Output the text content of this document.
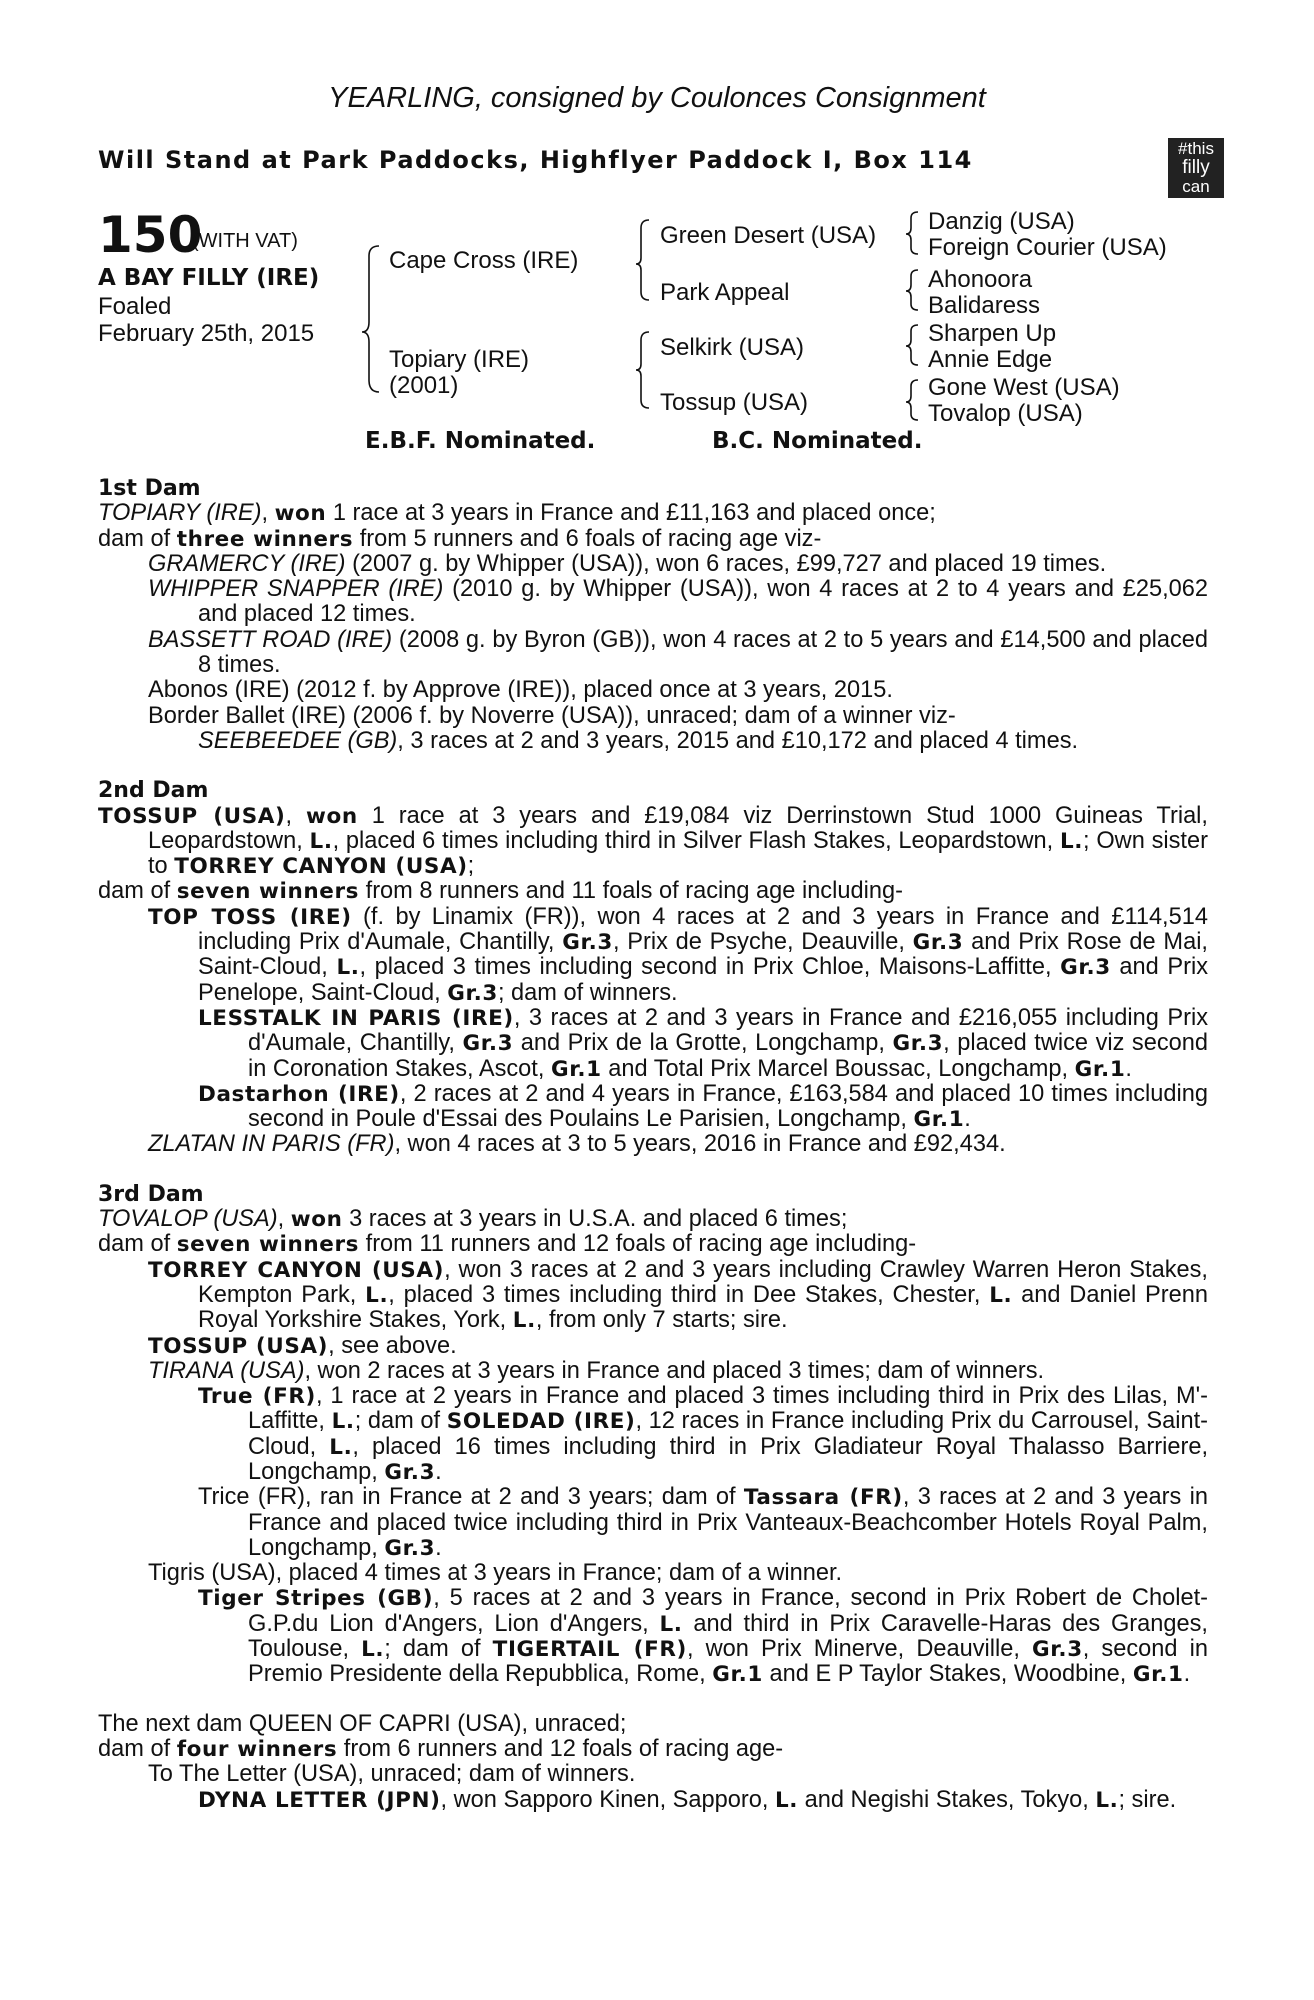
YEARLING, consigned by Coulonces Consignment
Will Stand at Park Paddocks, Highflyer Paddock I, Box 114	#this
filly
can
150
(WITH VAT)
A BAY FILLY (IRE)
Foaled
February 25th, 2015
Cape Cross (IRE)
Topiary (IRE)
(2001)
Green Desert (USA)
Park Appeal
Selkirk (USA)
Tossup (USA)
Danzig (USA)
Foreign Courier (USA)
Ahonoora
Balidaress
Sharpen Up
Annie Edge
Gone West (USA)
Tovalop (USA)
E.B.F. Nominated.	B.C. Nominated.

1st Dam

TOPIARY (IRE), won 1 race at 3 years in France and £11,163 and placed once;

dam of three winners from 5 runners and 6 foals of racing age viz-

GRAMERCY (IRE) (2007 g. by Whipper (USA)), won 6 races, £99,727 and placed 19 times.

WHIPPER SNAPPER (IRE) (2010 g. by Whipper (USA)), won 4 races at 2 to 4 years and £25,062 and placed 12 times.

BASSETT ROAD (IRE) (2008 g. by Byron (GB)), won 4 races at 2 to 5 years and £14,500 and placed 8 times.

Abonos (IRE) (2012 f. by Approve (IRE)), placed once at 3 years, 2015.

Border Ballet (IRE) (2006 f. by Noverre (USA)), unraced; dam of a winner viz-

SEEBEEDEE (GB), 3 races at 2 and 3 years, 2015 and £10,172 and placed 4 times.

2nd Dam

TOSSUP (USA), won 1 race at 3 years and £19,084 viz Derrinstown Stud 1000 Guineas Trial, Leopardstown, L., placed 6 times including third in Silver Flash Stakes, Leopardstown, L.; Own sister to TORREY CANYON (USA);

dam of seven winners from 8 runners and 11 foals of racing age including-

TOP TOSS (IRE) (f. by Linamix (FR)), won 4 races at 2 and 3 years in France and £114,514 including Prix d'Aumale, Chantilly, Gr.3, Prix de Psyche, Deauville, Gr.3 and Prix Rose de Mai, Saint-Cloud, L., placed 3 times including second in Prix Chloe, Maisons-Laffitte, Gr.3 and Prix Penelope, Saint-Cloud, Gr.3; dam of winners.

LESSTALK IN PARIS (IRE), 3 races at 2 and 3 years in France and £216,055 including Prix d'Aumale, Chantilly, Gr.3 and Prix de la Grotte, Longchamp, Gr.3, placed twice viz second in Coronation Stakes, Ascot, Gr.1 and Total Prix Marcel Boussac, Longchamp, Gr.1.

Dastarhon (IRE), 2 races at 2 and 4 years in France, £163,584 and placed 10 times including second in Poule d'Essai des Poulains Le Parisien, Longchamp, Gr.1.

ZLATAN IN PARIS (FR), won 4 races at 3 to 5 years, 2016 in France and £92,434.

3rd Dam

TOVALOP (USA), won 3 races at 3 years in U.S.A. and placed 6 times;

dam of seven winners from 11 runners and 12 foals of racing age including-

TORREY CANYON (USA), won 3 races at 2 and 3 years including Crawley Warren Heron Stakes, Kempton Park, L., placed 3 times including third in Dee Stakes, Chester, L. and Daniel Prenn Royal Yorkshire Stakes, York, L., from only 7 starts; sire.

TOSSUP (USA), see above.

TIRANA (USA), won 2 races at 3 years in France and placed 3 times; dam of winners.

True (FR), 1 race at 2 years in France and placed 3 times including third in Prix des Lilas, M'-Laffitte, L.; dam of SOLEDAD (IRE), 12 races in France including Prix du Carrousel, Saint-Cloud, L., placed 16 times including third in Prix Gladiateur Royal Thalasso Barriere, Longchamp, Gr.3.

Trice (FR), ran in France at 2 and 3 years; dam of Tassara (FR), 3 races at 2 and 3 years in France and placed twice including third in Prix Vanteaux-Beachcomber Hotels Royal Palm, Longchamp, Gr.3.

Tigris (USA), placed 4 times at 3 years in France; dam of a winner.

Tiger Stripes (GB), 5 races at 2 and 3 years in France, second in Prix Robert de Cholet-G.P.du Lion d'Angers, Lion d'Angers, L. and third in Prix Caravelle-Haras des Granges, Toulouse, L.; dam of TIGERTAIL (FR), won Prix Minerve, Deauville, Gr.3, second in Premio Presidente della Repubblica, Rome, Gr.1 and E P Taylor Stakes, Woodbine, Gr.1.

The next dam QUEEN OF CAPRI (USA), unraced;

dam of four winners from 6 runners and 12 foals of racing age-

To The Letter (USA), unraced; dam of winners.

DYNA LETTER (JPN), won Sapporo Kinen, Sapporo, L. and Negishi Stakes, Tokyo, L.; sire.
